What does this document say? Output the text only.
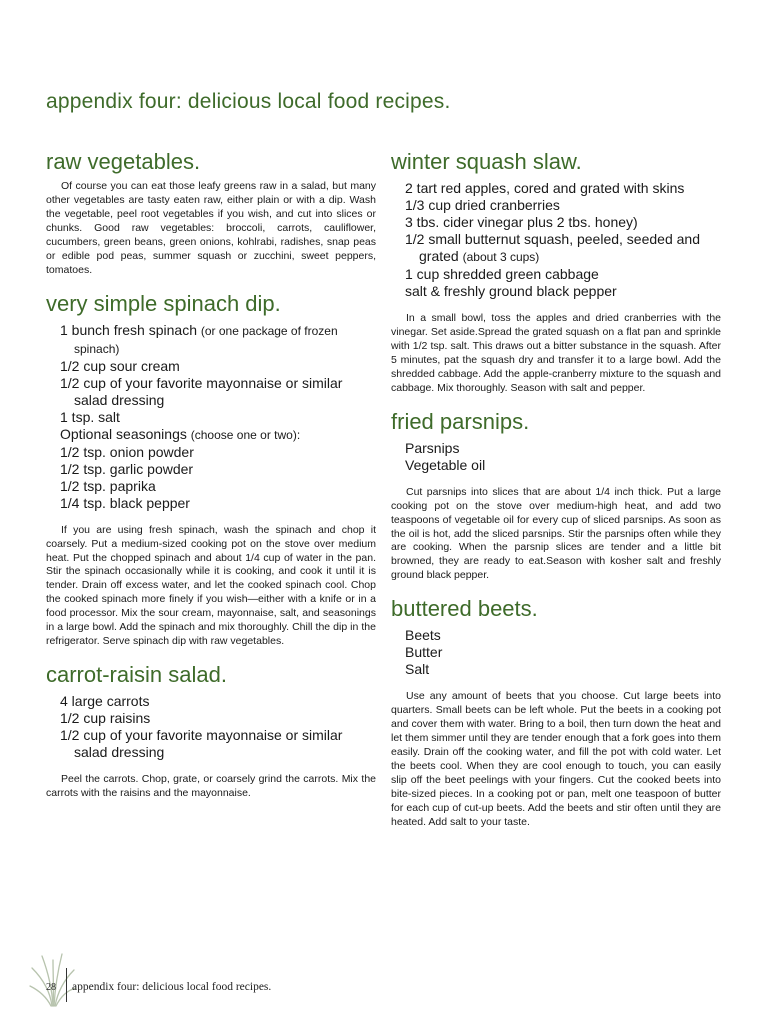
appendix four: delicious local food recipes.
raw vegetables.

Of course you can eat those leafy greens raw in a salad, but many other vegetables are tasty eaten raw, either plain or with a dip. Wash the vegetable, peel root vegetables if you wish, and cut into slices or chunks. Good raw vegetables: broccoli, carrots, cauliflower, cucumbers, green beans, green onions, kohlrabi, radishes, snap peas or edible pod peas, summer squash or zucchini, sweet peppers, tomatoes.

very simple spinach dip.
1 bunch fresh spinach (or one package of frozen spinach)
1/2 cup sour cream
1/2 cup of your favorite mayonnaise or similar salad dressing
1 tsp. salt
Optional seasonings (choose one or two):
1/2 tsp. onion powder
1/2 tsp. garlic powder
1/2 tsp. paprika
1/4 tsp. black pepper

If you are using fresh spinach, wash the spinach and chop it coarsely. Put a medium-sized cooking pot on the stove over medium heat. Put the chopped spinach and about 1/4 cup of water in the pan. Stir the spinach occasionally while it is cooking, and cook it until it is tender. Drain off excess water, and let the cooked spinach cool. Chop the cooked spinach more finely if you wish—either with a knife or in a food processor. Mix the sour cream, mayonnaise, salt, and seasonings in a large bowl. Add the spinach and mix thoroughly. Chill the dip in the refrigerator. Serve spinach dip with raw vegetables.

carrot-raisin salad.
4 large carrots
1/2 cup raisins
1/2 cup of your favorite mayonnaise or similar salad dressing

Peel the carrots. Chop, grate, or coarsely grind the carrots. Mix the carrots with the raisins and the mayonnaise.

winter squash slaw.
2 tart red apples, cored and grated with skins
1/3 cup dried cranberries
3 tbs. cider vinegar plus 2 tbs. honey)
1/2 small butternut squash, peeled, seeded and grated (about 3 cups)
1 cup shredded green cabbage
salt & freshly ground black pepper

In a small bowl, toss the apples and dried cranberries with the vinegar. Set aside.Spread the grated squash on a flat pan and sprinkle with 1/2 tsp. salt. This draws out a bitter substance in the squash. After 5 minutes, pat the squash dry and transfer it to a large bowl. Add the shredded cabbage. Add the apple-cranberry mixture to the squash and cabbage. Mix thoroughly. Season with salt and pepper.

fried parsnips.
Parsnips
Vegetable oil

Cut parsnips into slices that are about 1/4 inch thick. Put a large cooking pot on the stove over medium-high heat, and add two teaspoons of vegetable oil for every cup of sliced parsnips. As soon as the oil is hot, add the sliced parsnips. Stir the parsnips often while they are cooking. When the parsnip slices are tender and a little bit browned, they are ready to eat.Season with kosher salt and freshly ground black pepper.

buttered beets.
Beets
Butter
Salt

Use any amount of beets that you choose. Cut large beets into quarters. Small beets can be left whole. Put the beets in a cooking pot and cover them with water. Bring to a boil, then turn down the heat and let them simmer until they are tender enough that a fork goes into them easily. Drain off the cooking water, and fill the pot with cold water. Let the beets cool. When they are cool enough to touch, you can easily slip off the beet peelings with your fingers. Cut the cooked beets into bite-sized pieces. In a cooking pot or pan, melt one teaspoon of butter for each cup of cut-up beets. Add the beets and stir often until they are heated. Add salt to your taste.

28 appendix four: delicious local food recipes.
